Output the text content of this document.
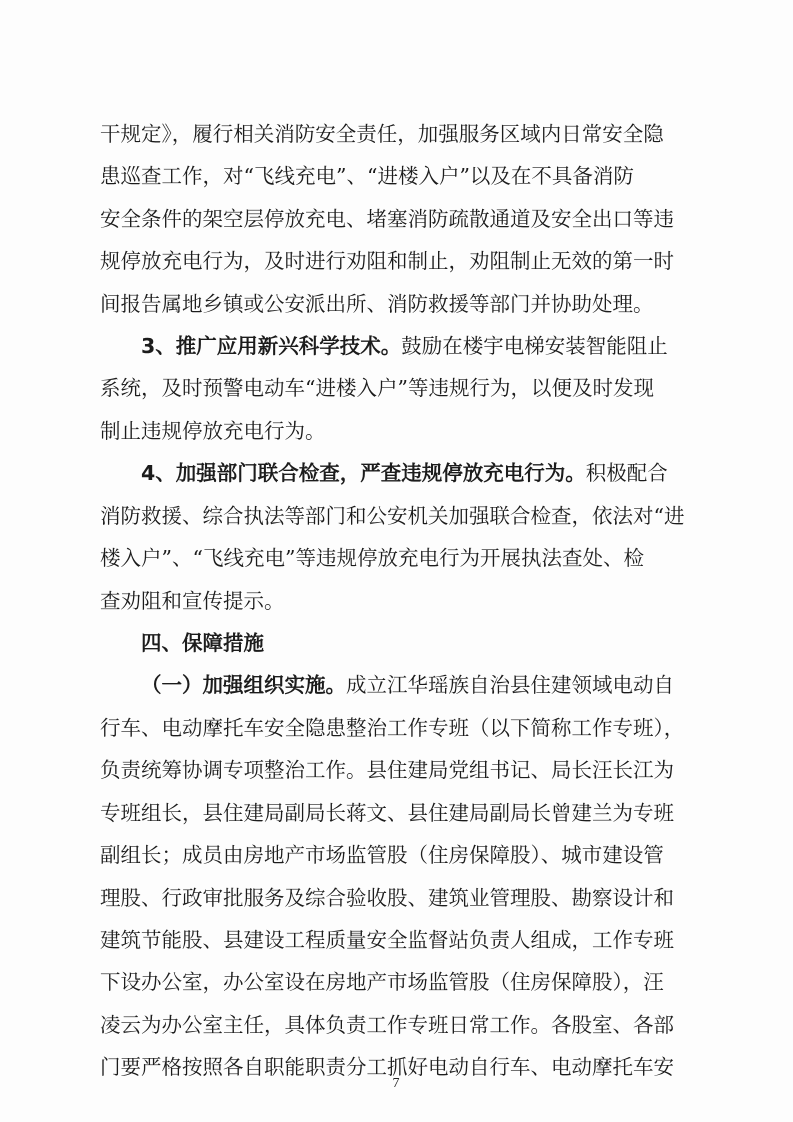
干规定》，履行相关消防安全责任，加强服务区域内日常安全隐
患巡查工作，对“飞线充电”、“进楼入户”以及在不具备消防
安全条件的架空层停放充电、堵塞消防疏散通道及安全出口等违
规停放充电行为，及时进行劝阻和制止，劝阻制止无效的第一时
间报告属地乡镇或公安派出所、消防救援等部门并协助处理。
3、推广应用新兴科学技术。鼓励在楼宇电梯安装智能阻止
系统，及时预警电动车“进楼入户”等违规行为，以便及时发现
制止违规停放充电行为。
4、加强部门联合检查，严查违规停放充电行为。积极配合
消防救援、综合执法等部门和公安机关加强联合检查，依法对“进
楼入户”、“飞线充电”等违规停放充电行为开展执法查处、检
查劝阻和宣传提示。
四、保障措施
（一）加强组织实施。成立江华瑶族自治县住建领域电动自
行车、电动摩托车安全隐患整治工作专班（以下简称工作专班），
负责统筹协调专项整治工作。县住建局党组书记、局长汪长江为
专班组长，县住建局副局长蒋文、县住建局副局长曾建兰为专班
副组长；成员由房地产市场监管股（住房保障股）、城市建设管
理股、行政审批服务及综合验收股、建筑业管理股、勘察设计和
建筑节能股、县建设工程质量安全监督站负责人组成，工作专班
下设办公室，办公室设在房地产市场监管股（住房保障股），汪
凌云为办公室主任，具体负责工作专班日常工作。各股室、各部
门要严格按照各自职能职责分工抓好电动自行车、电动摩托车安
7
